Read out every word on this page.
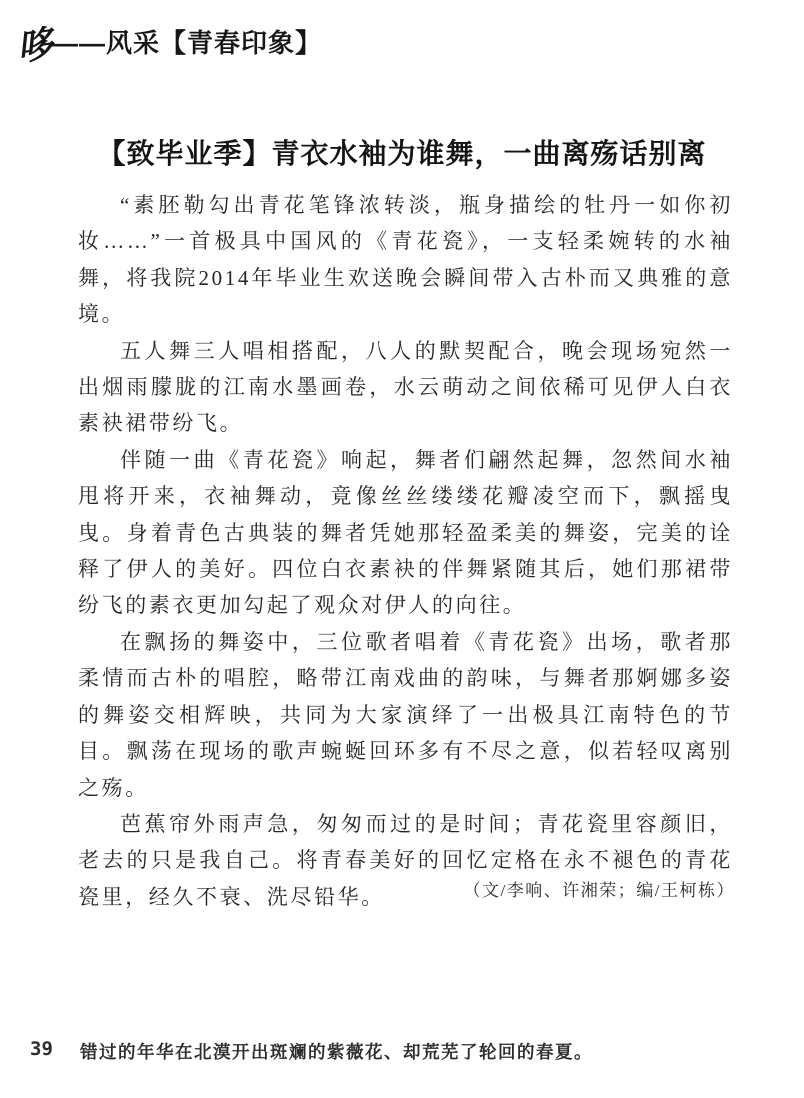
哆——风采【青春印象】
【致毕业季】青衣水袖为谁舞，一曲离殇话别离

“素胚勒勾出青花笔锋浓转淡，瓶身描绘的牡丹一如你初妆……”一首极具中国风的《青花瓷》，一支轻柔婉转的水袖舞，将我院2014年毕业生欢送晚会瞬间带入古朴而又典雅的意境。

五人舞三人唱相搭配，八人的默契配合，晚会现场宛然一出烟雨朦胧的江南水墨画卷，水云萌动之间依稀可见伊人白衣素袂裙带纷飞。

伴随一曲《青花瓷》响起，舞者们翩然起舞，忽然间水袖甩将开来，衣袖舞动，竟像丝丝缕缕花瓣凌空而下，飘摇曳曳。身着青色古典装的舞者凭她那轻盈柔美的舞姿，完美的诠释了伊人的美好。四位白衣素袂的伴舞紧随其后，她们那裙带纷飞的素衣更加勾起了观众对伊人的向往。

在飘扬的舞姿中，三位歌者唱着《青花瓷》出场，歌者那柔情而古朴的唱腔，略带江南戏曲的韵味，与舞者那婀娜多姿的舞姿交相辉映，共同为大家演绎了一出极具江南特色的节目。飘荡在现场的歌声蜿蜒回环多有不尽之意，似若轻叹离别之殇。

芭蕉帘外雨声急，匆匆而过的是时间；青花瓷里容颜旧，老去的只是我自己。将青春美好的回忆定格在永不褪色的青花瓷里，经久不衰、洗尽铅华。	（文/李响、许湘荣；编/王柯栋）
39 错过的年华在北漠开出斑斓的紫薇花、却荒芜了轮回的春夏。
